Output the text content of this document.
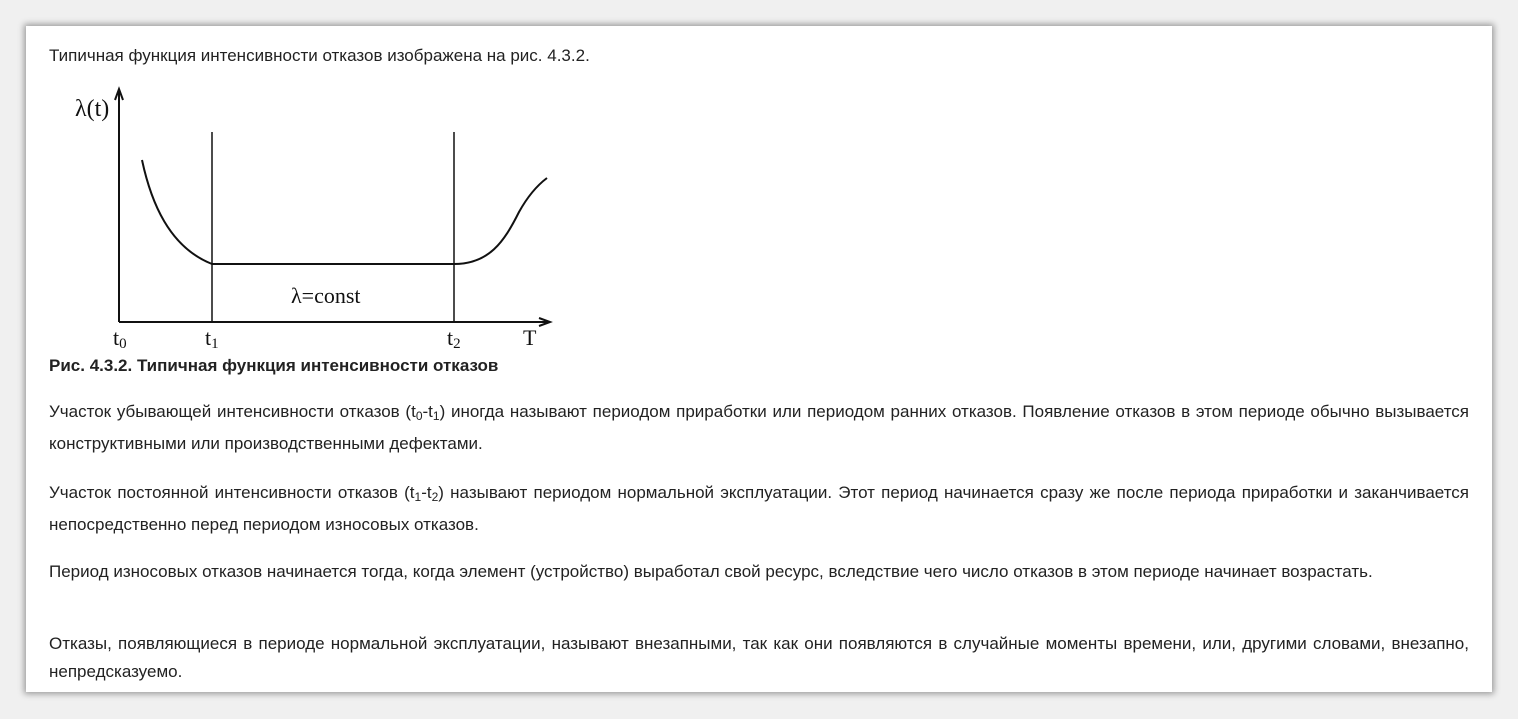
Типичная функция интенсивности отказов изображена на рис. 4.3.2.

λ(t)
λ=const
T
t0	t1	t2

Рис. 4.3.2. Типичная функция интенсивности отказов

Участок убывающей интенсивности отказов $(t_0-t_1)$ иногда называют периодом приработки или периодом ранних отказов. Появление отказов в этом периоде обычно вызывается конструктивными или производственными дефектами.

Участок постоянной интенсивности отказов $(t_1-t_2)$ называют периодом нормальной эксплуатации. Этот период начинается сразу же после периода приработки и заканчивается непосредственно перед периодом износовых отказов.

Период износовых отказов начинается тогда, когда элемент (устройство) выработал свой ресурс, вследствие чего число отказов в этом периоде начинает возрастать.

Отказы, появляющиеся в периоде нормальной эксплуатации, называют внезапными, так как они появляются в случайные моменты времени, или, другими словами, внезапно, непредсказуемо.
